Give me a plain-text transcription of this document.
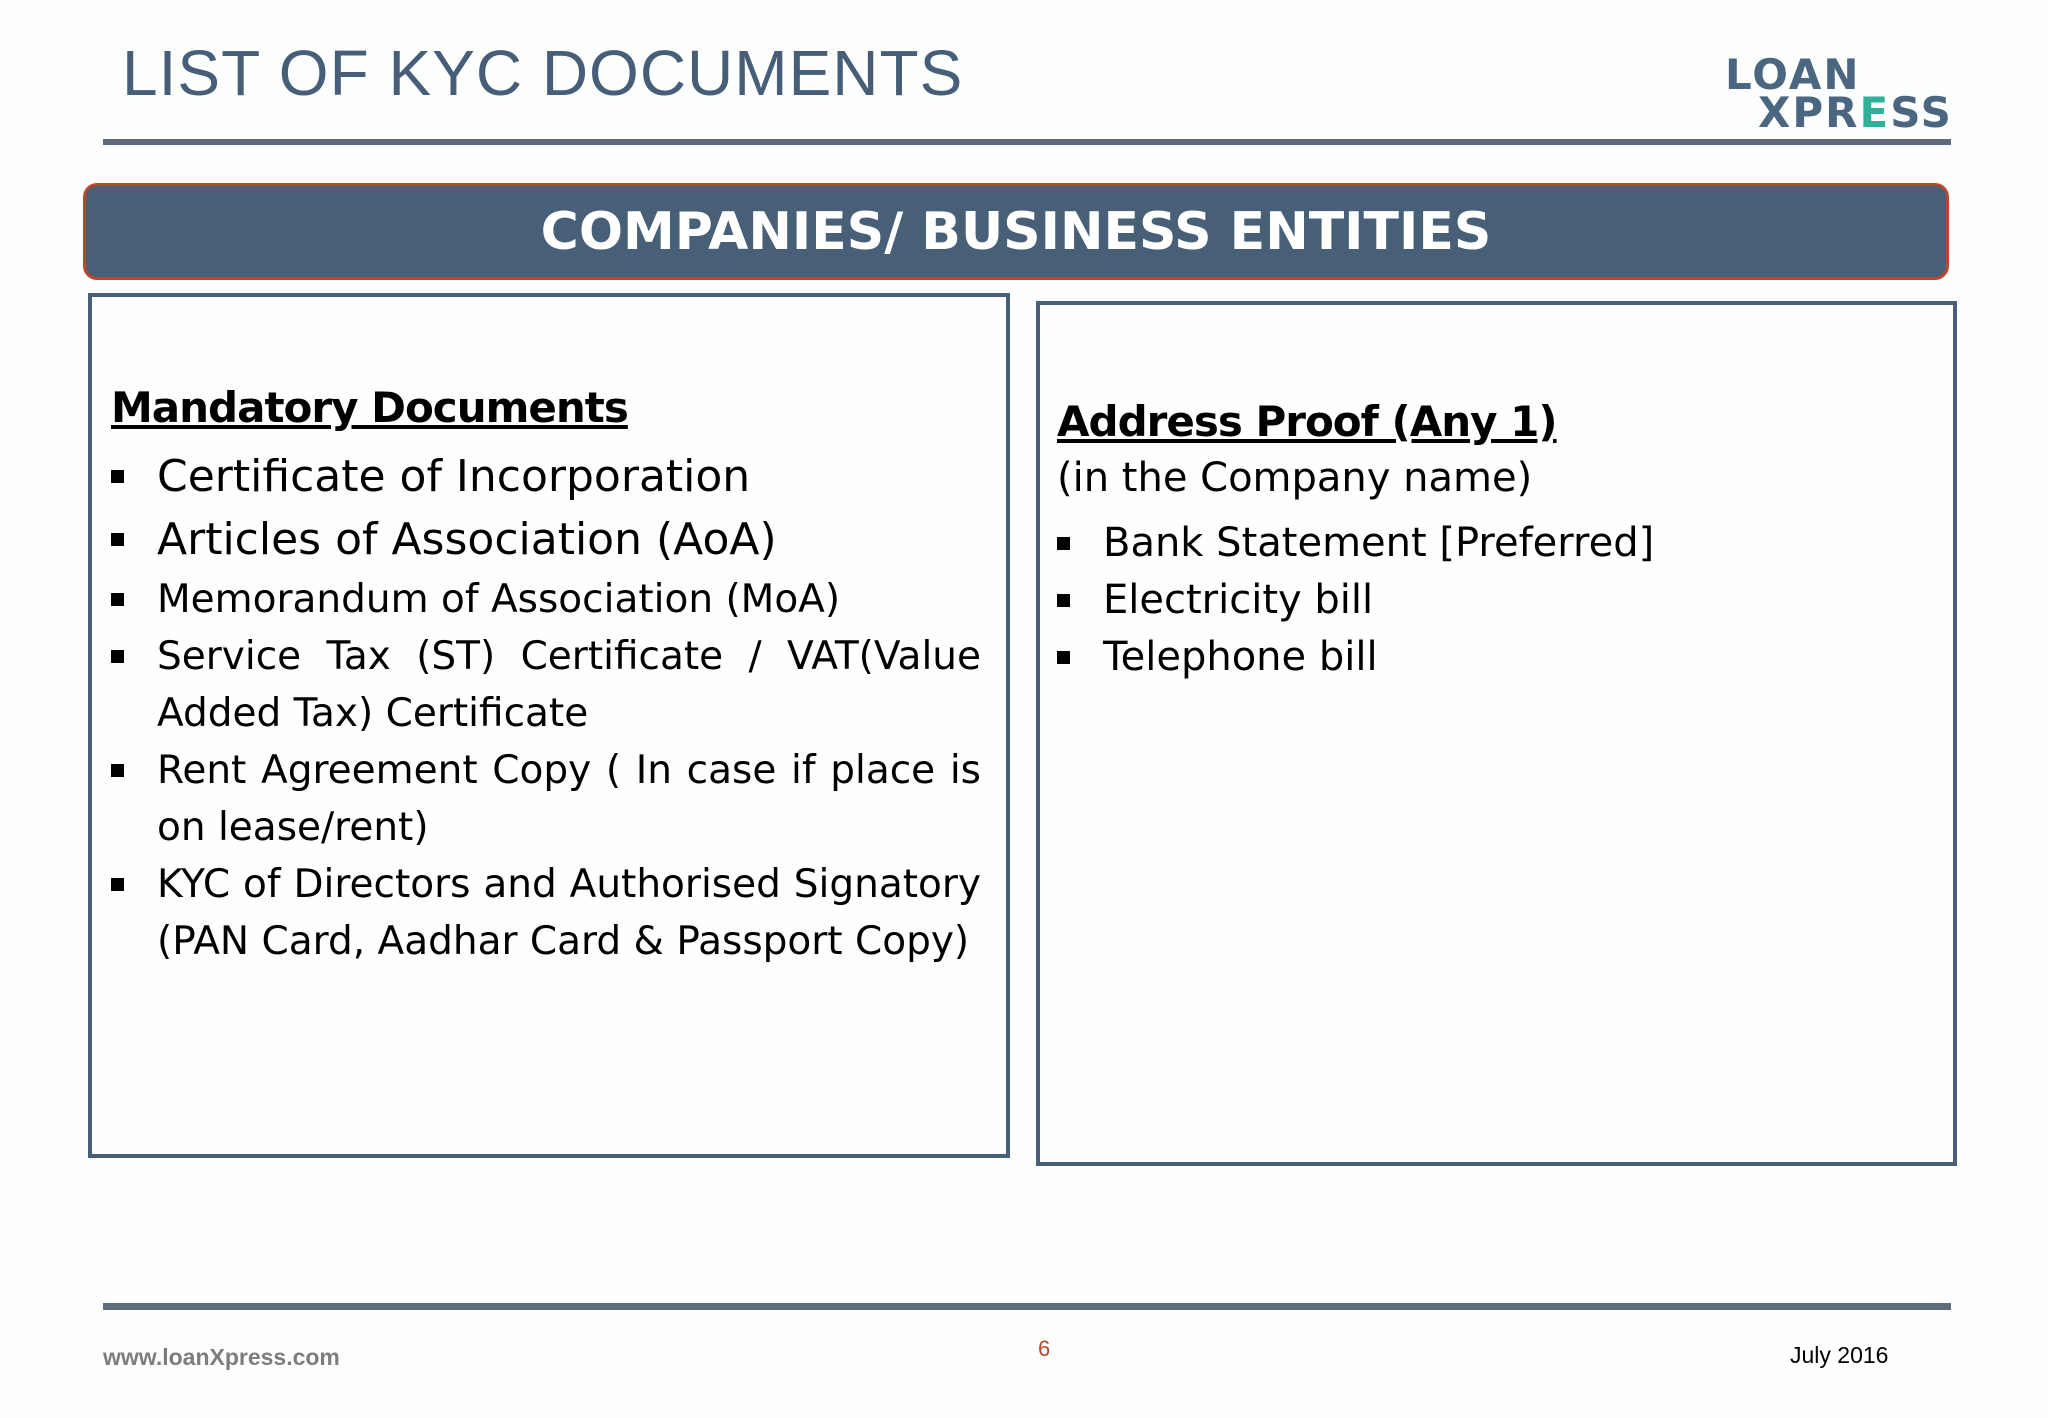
LIST OF KYC DOCUMENTS	LOAN
XPRESS
COMPANIES/ BUSINESS ENTITIES
Mandatory Documents
Certificate of Incorporation
Articles of Association (AoA)
Memorandum of Association (MoA)
Service Tax (ST) Certificate / VAT(Value Added Tax) Certificate
Rent Agreement Copy ( In case if place is on lease/rent)
KYC of Directors and Authorised Signatory (PAN Card, Aadhar Card & Passport Copy)
Address Proof (Any 1)
(in the Company name)
Bank Statement [Preferred]
Electricity bill
Telephone bill
www.loanXpress.com	6	July 2016
